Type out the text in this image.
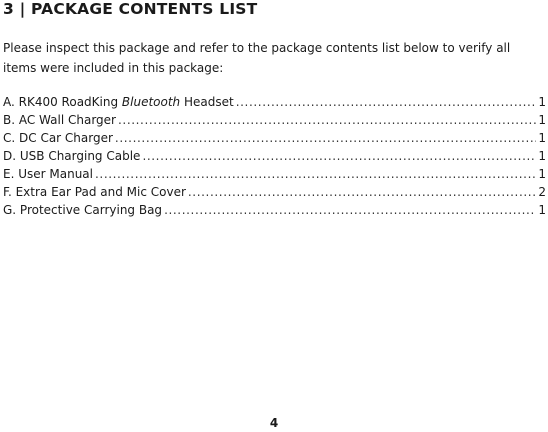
3 | PACKAGE CONTENTS LIST

Please inspect this package and refer to the package contents list below to verify all items were included in this package:

A. RK400 RoadKing Bluetooth Headset .....	1
B. AC Wall Charger .....	1
C. DC Car Charger .....	1
D. USB Charging Cable .....	1
E. User Manual .....	1
F. Extra Ear Pad and Mic Cover .....	2
G. Protective Carrying Bag .....	1
4
